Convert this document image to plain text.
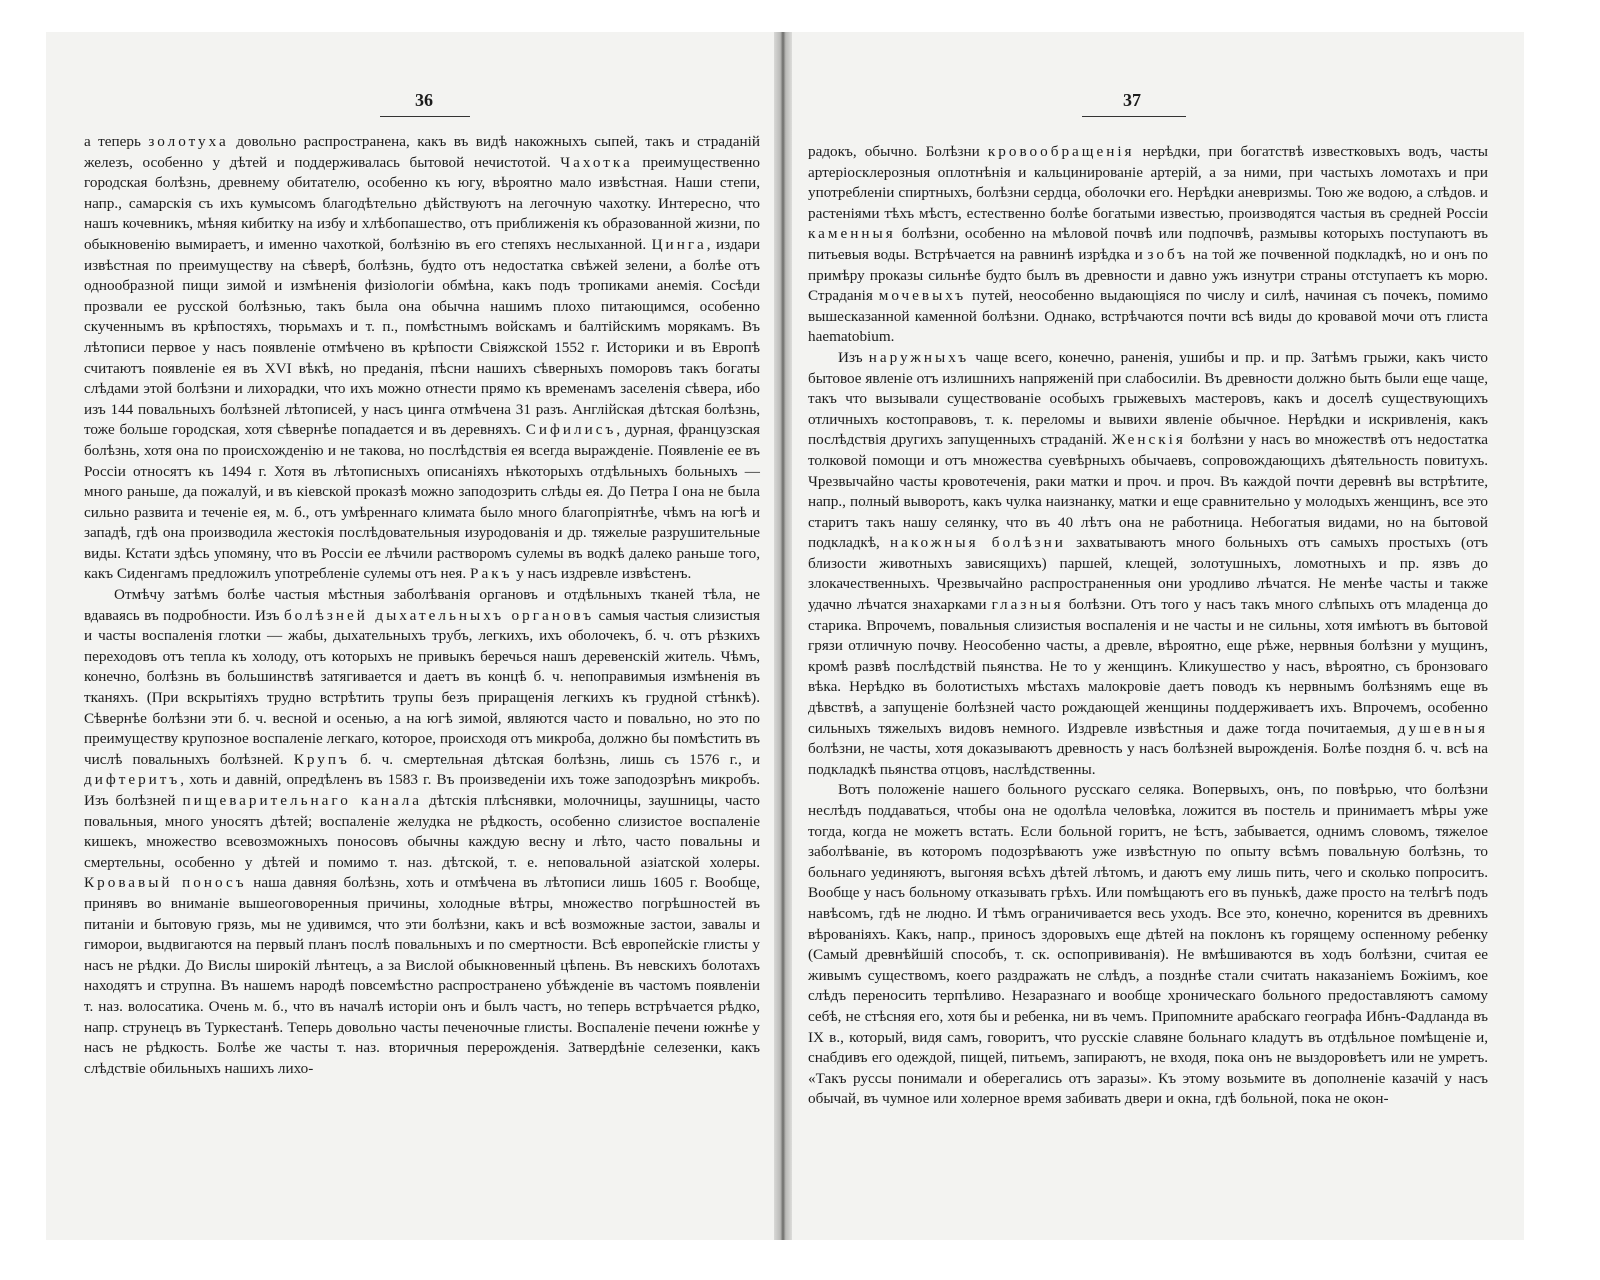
36

а теперь золотуха довольно распространена, какъ въ видѣ накожныхъ сыпей, такъ и страданій железъ, особенно у дѣтей и поддерживалась бытовой нечистотой. Чахотка преимущественно городская болѣзнь, древнему обитателю, особенно къ югу, вѣроятно мало извѣстная. Наши степи, напр., самарскія съ ихъ кумысомъ благодѣтельно дѣйствуютъ на легочную чахотку. Интересно, что нашъ кочевникъ, мѣняя кибитку на избу и хлѣбопашество, отъ приближенія къ образованной жизни, по обыкновенію вымираетъ, и именно чахоткой, болѣзнію въ его степяхъ неслыханной. Цинга, издари извѣстная по преимуществу на сѣверѣ, болѣзнь, будто отъ недостатка свѣжей зелени, а болѣе отъ однообразной пищи зимой и измѣненія физіологіи обмѣна, какъ подъ тропиками анемія. Сосѣди прозвали ее русской болѣзнью, такъ была она обычна нашимъ плохо питающимся, особенно скученнымъ въ крѣпостяхъ, тюрьмахъ и т. п., помѣстнымъ войскамъ и балтійскимъ морякамъ. Въ лѣтописи первое у насъ появленіе отмѣчено въ крѣпости Свіяжской 1552 г. Историки и въ Европѣ считаютъ появленіе ея въ XVI вѣкѣ, но преданія, пѣсни нашихъ сѣверныхъ поморовъ такъ богаты слѣдами этой болѣзни и лихорадки, что ихъ можно отнести прямо къ временамъ заселенія сѣвера, ибо изъ 144 повальныхъ болѣзней лѣтописей, у насъ цинга отмѣчена 31 разъ. Англійская дѣтская болѣзнь, тоже больше городская, хотя сѣвернѣе попадается и въ деревняхъ. Сифилисъ, дурная, французская болѣзнь, хотя она по происхожденію и не такова, но послѣдствія ея всегда выражденіе. Появленіе ее въ Россіи относятъ къ 1494 г. Хотя въ лѣтописныхъ описаніяхъ нѣкоторыхъ отдѣльныхъ больныхъ — много раньше, да пожалуй, и въ кіевской проказѣ можно заподозрить слѣды ея. До Петра I она не была сильно развита и теченіе ея, м. б., отъ умѣреннаго климата было много благопріятнѣе, чѣмъ на югѣ и западѣ, гдѣ она производила жестокія послѣдовательныя изуродованія и др. тяжелые разрушительные виды. Кстати здѣсь упомяну, что въ Россіи ее лѣчили растворомъ сулемы въ водкѣ далеко раньше того, какъ Сиденгамъ предложилъ употребленіе сулемы отъ нея. Ракъ у насъ издревле извѣстенъ.

Отмѣчу затѣмъ болѣе частыя мѣстныя заболѣванія органовъ и отдѣльныхъ тканей тѣла, не вдаваясь въ подробности. Изъ болѣзней дыхательныхъ органовъ самыя частыя слизистыя и часты воспаленія глотки — жабы, дыхательныхъ трубъ, легкихъ, ихъ оболочекъ, б. ч. отъ рѣзкихъ переходовъ отъ тепла къ холоду, отъ которыхъ не привыкъ беречься нашъ деревенскій житель. Чѣмъ, конечно, болѣзнь въ большинствѣ затягивается и даетъ въ концѣ б. ч. непоправимыя измѣненія въ тканяхъ. (При вскрытіяхъ трудно встрѣтить трупы безъ приращенія легкихъ къ грудной стѣнкѣ). Сѣвернѣе болѣзни эти б. ч. весной и осенью, а на югѣ зимой, являются часто и повально, но это по преимуществу крупозное воспаленіе легкаго, которое, происходя отъ микроба, должно бы помѣстить въ числѣ повальныхъ болѣзней. Крупъ б. ч. смертельная дѣтская болѣзнь, лишь съ 1576 г., и дифтеритъ, хоть и давній, опредѣленъ въ 1583 г. Въ произведеніи ихъ тоже заподозрѣнъ микробъ. Изъ болѣзней пищеварительнаго канала дѣтскія плѣснявки, молочницы, заушницы, часто повальныя, много уносятъ дѣтей; воспаленіе желудка не рѣдкость, особенно слизистое воспаленіе кишекъ, множество всевозможныхъ поносовъ обычны каждую весну и лѣто, часто повальны и смертельны, особенно у дѣтей и помимо т. наз. дѣтской, т. е. неповальной азіатской холеры. Кровавый поносъ наша давняя болѣзнь, хоть и отмѣчена въ лѣтописи лишь 1605 г. Вообще, принявъ во вниманіе вышеоговоренныя причины, холодные вѣтры, множество погрѣшностей въ питаніи и бытовую грязь, мы не удивимся, что эти болѣзни, какъ и всѣ возможные застои, завалы и гиморои, выдвигаются на первый планъ послѣ повальныхъ и по смертности. Всѣ европейскіе глисты у насъ не рѣдки. До Вислы широкій лѣнтецъ, а за Вислой обыкновенный цѣпень. Въ невскихъ болотахъ находятъ и струпна. Въ нашемъ народѣ повсемѣстно распространено убѣжденіе въ частомъ появленіи т. наз. волосатика. Очень м. б., что въ началѣ исторіи онъ и былъ частъ, но теперь встрѣчается рѣдко, напр. струнецъ въ Туркестанѣ. Теперь довольно часты печеночные глисты. Воспаленіе печени южнѣе у насъ не рѣдкость. Болѣе же часты т. наз. вторичныя перерожденія. Затвердѣніе селезенки, какъ слѣдствіе обильныхъ нашихъ лихо-

37

радокъ, обычно. Болѣзни кровообращенія нерѣдки, при богатствѣ известковыхъ водъ, часты артеріосклерозныя оплотнѣнія и кальцинированіе артерій, а за ними, при частыхъ ломотахъ и при употребленіи спиртныхъ, болѣзни сердца, оболочки его. Нерѣдки аневризмы. Тою же водою, а слѣдов. и растеніями тѣхъ мѣстъ, естественно болѣе богатыми известью, производятся частыя въ средней Россіи каменныя болѣзни, особенно на мѣловой почвѣ или подпочвѣ, размывы которыхъ поступаютъ въ питьевыя воды. Встрѣчается на равнинѣ изрѣдка и зобъ на той же почвенной подкладкѣ, но и онъ по примѣру проказы сильнѣе будто былъ въ древности и давно ужъ изнутри страны отступаетъ къ морю. Страданія мочевыхъ путей, неособенно выдающіяся по числу и силѣ, начиная съ почекъ, помимо вышесказанной каменной болѣзни. Однако, встрѣчаются почти всѣ виды до кровавой мочи отъ глиста haematobium.

Изъ наружныхъ чаще всего, конечно, раненія, ушибы и пр. и пр. Затѣмъ грыжи, какъ чисто бытовое явленіе отъ излишнихъ напряженій при слабосиліи. Въ древности должно быть были еще чаще, такъ что вызывали существованіе особыхъ грыжевыхъ мастеровъ, какъ и доселѣ существующихъ отличныхъ костоправовъ, т. к. переломы и вывихи явленіе обычное. Нерѣдки и искривленія, какъ послѣдствія другихъ запущенныхъ страданій. Женскія болѣзни у насъ во множествѣ отъ недостатка толковой помощи и отъ множества суевѣрныхъ обычаевъ, сопровождающихъ дѣятельность повитухъ. Чрезвычайно часты кровотеченія, раки матки и проч. и проч. Въ каждой почти деревнѣ вы встрѣтите, напр., полный выворотъ, какъ чулка наизнанку, матки и еще сравнительно у молодыхъ женщинъ, все это старитъ такъ нашу селянку, что въ 40 лѣтъ она не работница. Небогатыя видами, но на бытовой подкладкѣ, накожныя болѣзни захватываютъ много больныхъ отъ самыхъ простыхъ (отъ близости животныхъ зависящихъ) паршей, клещей, золотушныхъ, ломотныхъ и пр. язвъ до злокачественныхъ. Чрезвычайно распространенныя они уродливо лѣчатся. Не менѣе часты и также удачно лѣчатся знахарками глазныя болѣзни. Отъ того у насъ такъ много слѣпыхъ отъ младенца до старика. Впрочемъ, повальныя слизистыя воспаленія и не часты и не сильны, хотя имѣютъ въ бытовой грязи отличную почву. Неособенно часты, а древле, вѣроятно, еще рѣже, нервныя болѣзни у мущинъ, кромѣ развѣ послѣдствій пьянства. Не то у женщинъ. Кликушество у насъ, вѣроятно, съ бронзоваго вѣка. Нерѣдко въ болотистыхъ мѣстахъ малокровіе даетъ поводъ къ нервнымъ болѣзнямъ еще въ дѣвствѣ, а запущеніе болѣзней часто рождающей женщины поддерживаетъ ихъ. Впрочемъ, особенно сильныхъ тяжелыхъ видовъ немного. Издревле извѣстныя и даже тогда почитаемыя, душевныя болѣзни, не часты, хотя доказываютъ древность у насъ болѣзней вырожденія. Болѣе поздня б. ч. всѣ на подкладкѣ пьянства отцовъ, наслѣдственны.

Вотъ положеніе нашего больного русскаго селяка. Вопервыхъ, онъ, по повѣрью, что болѣзни неслѣдъ поддаваться, чтобы она не одолѣла человѣка, ложится въ постель и принимаетъ мѣры уже тогда, когда не можетъ встать. Если больной горитъ, не ѣстъ, забывается, однимъ словомъ, тяжелое заболѣваніе, въ которомъ подозрѣваютъ уже извѣстную по опыту всѣмъ повальную болѣзнь, то больнаго уединяютъ, выгоняя всѣхъ дѣтей лѣтомъ, и даютъ ему лишь пить, чего и сколько попроситъ. Вообще у насъ больному отказывать грѣхъ. Или помѣщаютъ его въ пунькѣ, даже просто на телѣгѣ подъ навѣсомъ, гдѣ не людно. И тѣмъ ограничивается весь уходъ. Все это, конечно, коренится въ древнихъ вѣрованіяхъ. Какъ, напр., приносъ здоровыхъ еще дѣтей на поклонъ къ горящему оспенному ребенку (Самый древнѣйшій способъ, т. ск. оспопрививанія). Не вмѣшиваются въ ходъ болѣзни, считая ее живымъ существомъ, коего раздражать не слѣдъ, а позднѣе стали считать наказаніемъ Божіимъ, кое слѣдъ переносить терпѣливо. Незаразнаго и вообще хроническаго больного предоставляютъ самому себѣ, не стѣсняя его, хотя бы и ребенка, ни въ чемъ. Припомните арабскаго географа Ибнъ-Фадланда въ IX в., который, видя самъ, говоритъ, что русскіе славяне больнаго кладутъ въ отдѣльное помѣщеніе и, снабдивъ его одеждой, пищей, питьемъ, запираютъ, не входя, пока онъ не выздоровѣетъ или не умретъ. «Такъ руссы понимали и оберегались отъ заразы». Къ этому возьмите въ дополненіе казачій у насъ обычай, въ чумное или холерное время забивать двери и окна, гдѣ больной, пока не окон-
